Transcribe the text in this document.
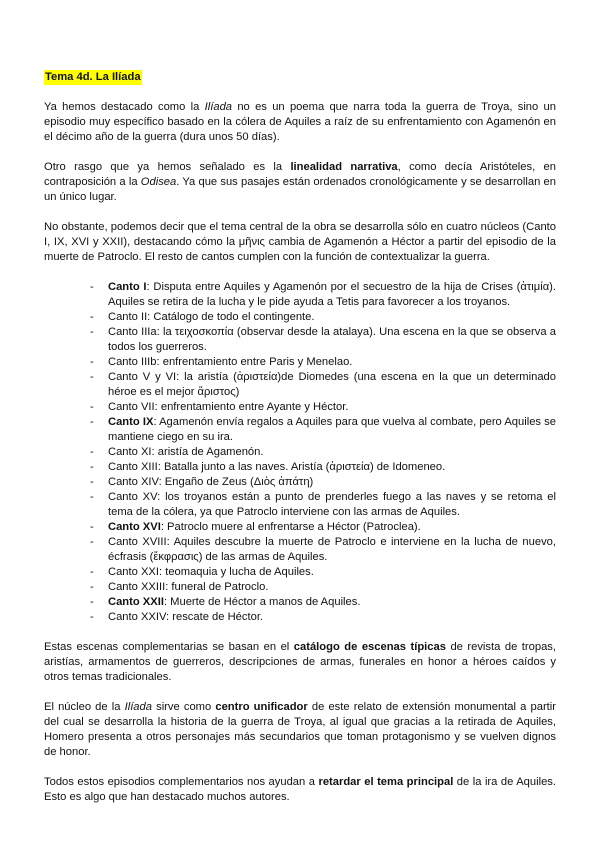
Tema 4d. La Ilíada

Ya hemos destacado como la Ilíada no es un poema que narra toda la guerra de Troya, sino un episodio muy específico basado en la cólera de Aquiles a raíz de su enfrentamiento con Agamenón en el décimo año de la guerra (dura unos 50 días).

Otro rasgo que ya hemos señalado es la linealidad narrativa, como decía Aristóteles, en contraposición a la Odisea. Ya que sus pasajes están ordenados cronológicamente y se desarrollan en un único lugar.

No obstante, podemos decir que el tema central de la obra se desarrolla sólo en cuatro núcleos (Canto I, IX, XVI y XXII), destacando cómo la μῆνις cambia de Agamenón a Héctor a partir del episodio de la muerte de Patroclo. El resto de cantos cumplen con la función de contextualizar la guerra.

- Canto I: Disputa entre Aquiles y Agamenón por el secuestro de la hija de Crises (ἀτιμία). Aquiles se retira de la lucha y le pide ayuda a Tetis para favorecer a los troyanos.
- Canto II: Catálogo de todo el contingente.
- Canto IIIa: la τειχοσκοπία (observar desde la atalaya). Una escena en la que se observa a todos los guerreros.
- Canto IIIb: enfrentamiento entre Paris y Menelao.
- Canto V y VI: la aristía (ἀριστεία)de Diomedes (una escena en la que un determinado héroe es el mejor ἄριστος)
- Canto VII: enfrentamiento entre Ayante y Héctor.
- Canto IX: Agamenón envía regalos a Aquiles para que vuelva al combate, pero Aquiles se mantiene ciego en su ira.
- Canto XI: aristía de Agamenón.
- Canto XIII: Batalla junto a las naves. Aristía (ἀριστεία) de Idomeneo.
- Canto XIV: Engaño de Zeus (Διὸς ἀπάτη)
- Canto XV: los troyanos están a punto de prenderles fuego a las naves y se retoma el tema de la cólera, ya que Patroclo interviene con las armas de Aquiles.
- Canto XVI: Patroclo muere al enfrentarse a Héctor (Patroclea).
- Canto XVIII: Aquiles descubre la muerte de Patroclo e interviene en la lucha de nuevo, écfrasis (ἔκφρασις) de las armas de Aquiles.
- Canto XXI: teomaquia y lucha de Aquiles.
- Canto XXIII: funeral de Patroclo.
- Canto XXII: Muerte de Héctor a manos de Aquiles.
- Canto XXIV: rescate de Héctor.

Estas escenas complementarias se basan en el catálogo de escenas típicas de revista de tropas, aristías, armamentos de guerreros, descripciones de armas, funerales en honor a héroes caídos y otros temas tradicionales.

El núcleo de la Ilíada sirve como centro unificador de este relato de extensión monumental a partir del cual se desarrolla la historia de la guerra de Troya, al igual que gracias a la retirada de Aquiles, Homero presenta a otros personajes más secundarios que toman protagonismo y se vuelven dignos de honor.

Todos estos episodios complementarios nos ayudan a retardar el tema principal de la ira de Aquiles. Esto es algo que han destacado muchos autores.
